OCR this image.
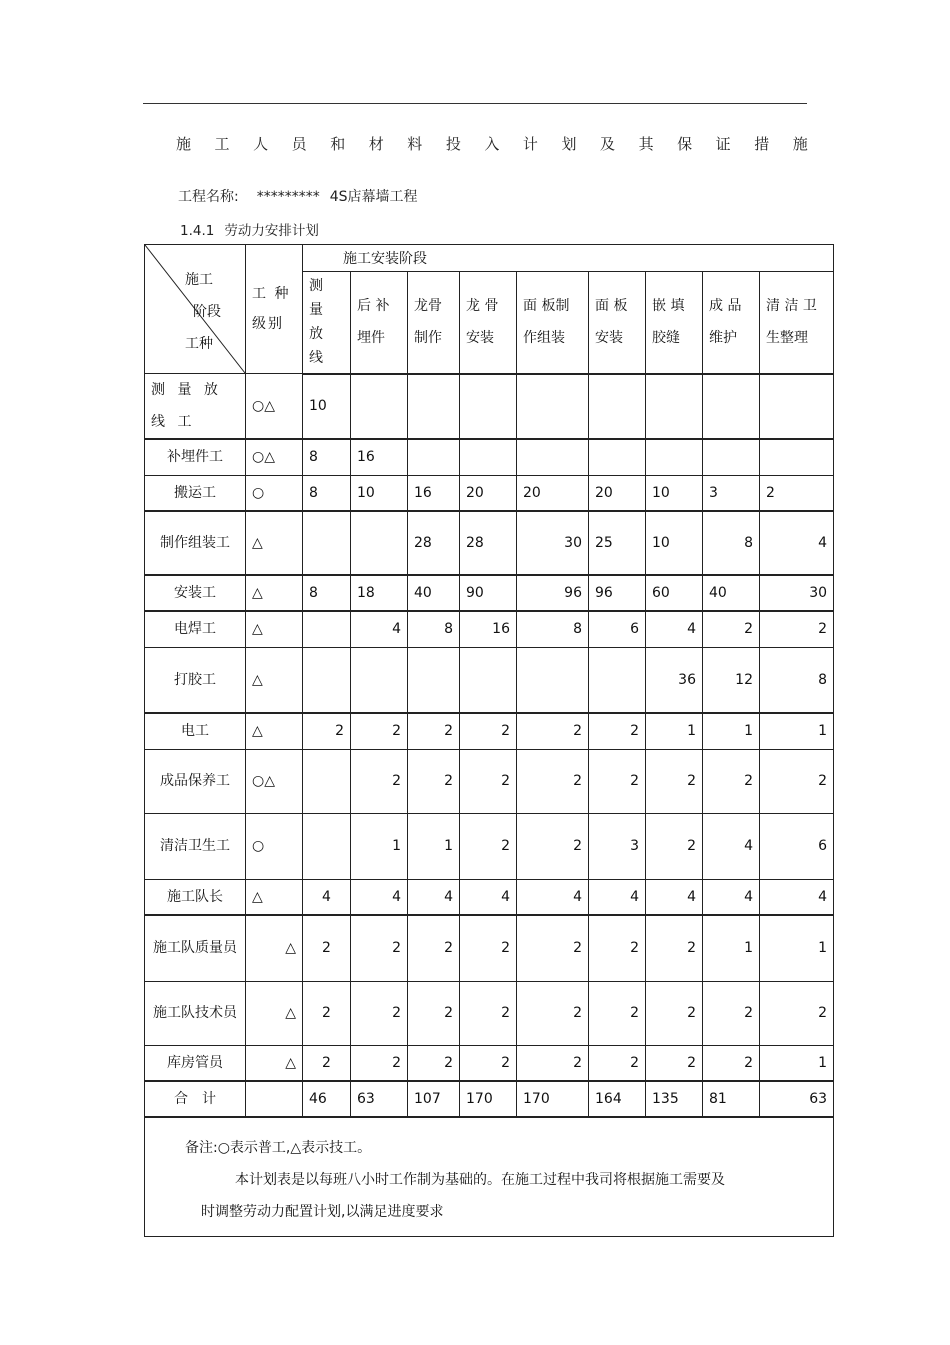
施 工 人 员 和 材 料 投 入 计 划 及 其 保 证 措 施
工程名称: ********* 4S店幕墙工程
1.4.1 劳动力安排计划
施工
阶段
工种	工 种级别	施工安装阶段								

		测量放线	后 补埋件	龙骨制作	龙 骨安装	面 板制作组装	面 板安装	嵌 填胶缝	成 品维护	清 洁 卫生整理

测 量 放 线 工	○△	10								

补埋件工	○△	8	16							

搬运工	○	8	10	16	20	20	20	10	3	2

制作组装工	△			28	28	30	25	10	8	4

安装工	△	8	18	40	90	96	96	60	40	30

电焊工	△		4	8	16	8	6	4	2	2

打胶工	△							36	12	8

电工	△	2	2	2	2	2	2	1	1	1

成品保养工	○△		2	2	2	2	2	2	2	2

清洁卫生工	○		1	1	2	2	3	2	4	6

施工队长	△	4	4	4	4	4	4	4	4	4

施工队质量员	△	2	2	2	2	2	2	2	1	1

施工队技术员	△	2	2	2	2	2	2	2	2	2

库房管员	△	2	2	2	2	2	2	2	2	1

合　计		46	63	107	170	170	164	135	81	63

备注:○表示普工,△表示技工。
本计划表是以每班八小时工作制为基础的。在施工过程中我司将根据施工需要及
时调整劳动力配置计划,以满足进度要求										
